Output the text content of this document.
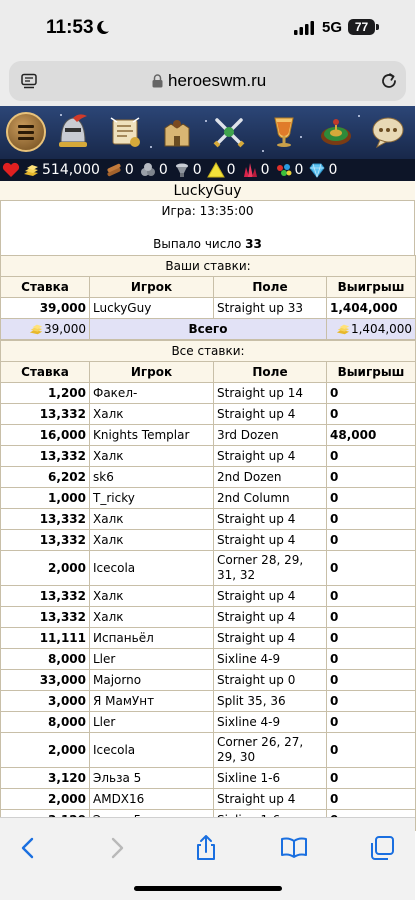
11:53	5G	77
heroeswm.ru
514,000 0 0 0 0 0 0 0
LuckyGuy
Игра: 13:35:00
Выпало число 33
Ваши ставки:			
Ставка	Игрок	Поле	Выигрыш
39,000	LuckyGuy	Straight up 33	1,404,000

39,000	Всего		1,404,000
Все ставки:			
Ставка	Игрок	Поле	Выигрыш
1,200	Факел-	Straight up 14	0
13,332	Халк	Straight up 4	0
16,000	Knights Templar	3rd Dozen	48,000
13,332	Халк	Straight up 4	0
6,202	sk6	2nd Dozen	0
1,000	T_ricky	2nd Column	0
13,332	Халк	Straight up 4	0
13,332	Халк	Straight up 4	0
2,000	Icecola	Corner 28, 29, 31, 32	0
13,332	Халк	Straight up 4	0
13,332	Халк	Straight up 4	0
11,111	Испаньёл	Straight up 4	0
8,000	Ller	Sixline 4-9	0
33,000	Majorno	Straight up 0	0
3,000	Я МамУнт	Split 35, 36	0
8,000	Ller	Sixline 4-9	0
2,000	Icecola	Corner 26, 27, 29, 30	0
3,120	Эльза 5	Sixline 1-6	0
2,000	AMDX16	Straight up 4	0
